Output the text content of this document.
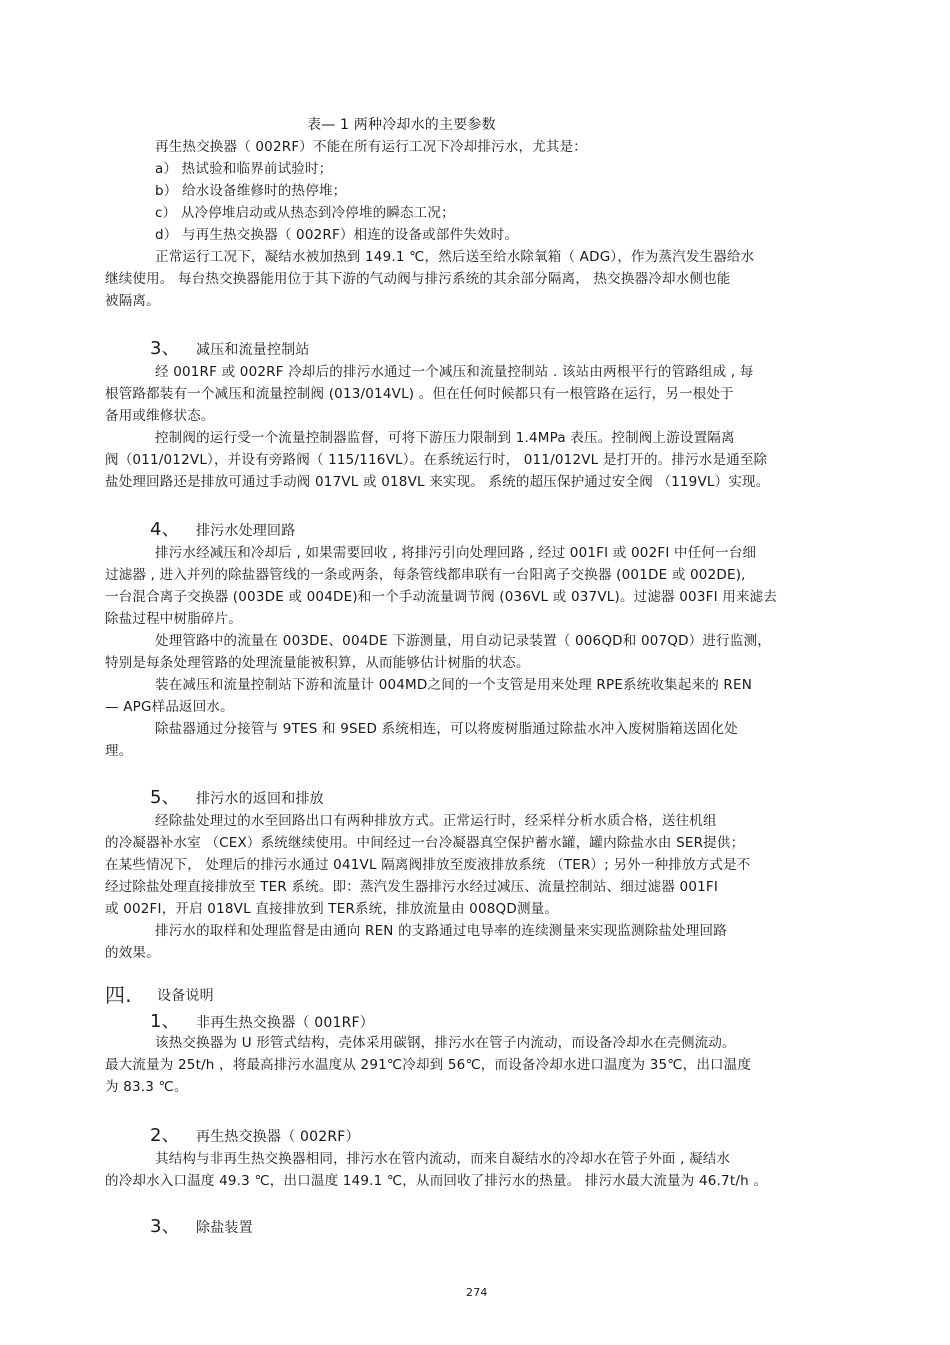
表— 1 两种冷却水的主要参数
再生热交换器（ 002RF）不能在所有运行工况下冷却排污水，尤其是：
a） 热试验和临界前试验时；
b） 给水设备维修时的热停堆；
c） 从冷停堆启动或从热态到冷停堆的瞬态工况；
d） 与再生热交换器（ 002RF）相连的设备或部件失效时。
正常运行工况下，凝结水被加热到 149.1 ℃，然后送至给水除氧箱（ ADG），作为蒸汽发生器给水
继续使用。 每台热交换器能用位于其下游的气动阀与排污系统的其余部分隔离， 热交换器冷却水侧也能
被隔离。
3、 减压和流量控制站
经 001RF 或 002RF 冷却后的排污水通过一个减压和流量控制站 . 该站由两根平行的管路组成 , 每
根管路都装有一个减压和流量控制阀 (013/014VL) 。但在任何时候都只有一根管路在运行，另一根处于
备用或维修状态。
控制阀的运行受一个流量控制器监督，可将下游压力限制到 1.4MPa 表压。控制阀上游设置隔离
阀（011/012VL），并设有旁路阀（ 115/116VL）。在系统运行时， 011/012VL 是打开的。排污水是通至除
盐处理回路还是排放可通过手动阀 017VL 或 018VL 来实现。 系统的超压保护通过安全阀 （119VL）实现。
4、 排污水处理回路
排污水经减压和冷却后 , 如果需要回收 , 将排污引向处理回路 , 经过 001FI 或 002FI 中任何一台细
过滤器 , 进入并列的除盐器管线的一条或两条，每条管线都串联有一台阳离子交换器 (001DE 或 002DE),
一台混合离子交换器 (003DE 或 004DE)和一个手动流量调节阀 (036VL 或 037VL)。过滤器 003FI 用来滤去
除盐过程中树脂碎片。
处理管路中的流量在 003DE、004DE 下游测量，用自动记录装置（ 006QD和 007QD）进行监测，
特别是每条处理管路的处理流量能被积算，从而能够估计树脂的状态。
装在减压和流量控制站下游和流量计 004MD之间的一个支管是用来处理 RPE系统收集起来的 REN
— APG样品返回水。
除盐器通过分接管与 9TES 和 9SED 系统相连，可以将废树脂通过除盐水冲入废树脂箱送固化处
理。
5、 排污水的返回和排放
经除盐处理过的水至回路出口有两种排放方式。正常运行时，经采样分析水质合格，送往机组
的冷凝器补水室 （CEX）系统继续使用。中间经过一台冷凝器真空保护蓄水罐，罐内除盐水由 SER提供；
在某些情况下， 处理后的排污水通过 041VL 隔离阀排放至废液排放系统 （TER）; 另外一种排放方式是不
经过除盐处理直接排放至 TER 系统。即：蒸汽发生器排污水经过减压、流量控制站、细过滤器 001FI
或 002FI，开启 018VL 直接排放到 TER系统，排放流量由 008QD测量。
排污水的取样和处理监督是由通向 REN 的支路通过电导率的连续测量来实现监测除盐处理回路
的效果。
四. 设备说明
1、 非再生热交换器（ 001RF）
该热交换器为 U 形管式结构，壳体采用碳钢，排污水在管子内流动，而设备冷却水在壳侧流动。
最大流量为 25t/h ，将最高排污水温度从 291℃冷却到 56℃，而设备冷却水进口温度为 35℃，出口温度
为 83.3 ℃。
2、 再生热交换器（ 002RF）
其结构与非再生热交换器相同，排污水在管内流动，而来自凝结水的冷却水在管子外面 , 凝结水
的冷却水入口温度 49.3 ℃，出口温度 149.1 ℃，从而回收了排污水的热量。 排污水最大流量为 46.7t/h 。
3、 除盐装置
274
